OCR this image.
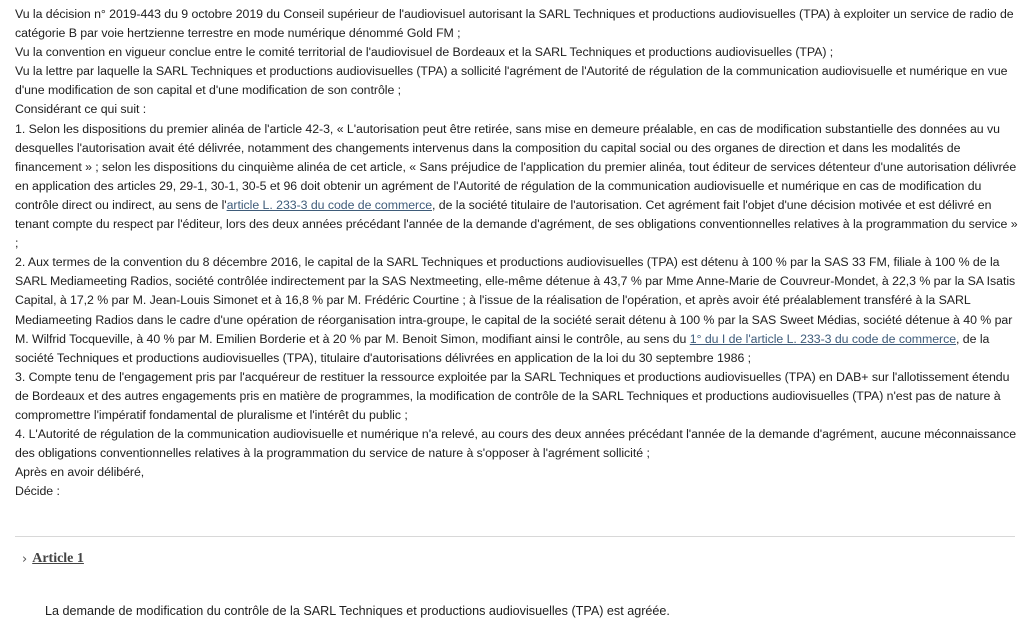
Vu la décision n° 2019-443 du 9 octobre 2019 du Conseil supérieur de l'audiovisuel autorisant la SARL Techniques et productions audiovisuelles (TPA) à exploiter un service de radio de catégorie B par voie hertzienne terrestre en mode numérique dénommé Gold FM ;

Vu la convention en vigueur conclue entre le comité territorial de l'audiovisuel de Bordeaux et la SARL Techniques et productions audiovisuelles (TPA) ;

Vu la lettre par laquelle la SARL Techniques et productions audiovisuelles (TPA) a sollicité l'agrément de l'Autorité de régulation de la communication audiovisuelle et numérique en vue d'une modification de son capital et d'une modification de son contrôle ;

Considérant ce qui suit :

1. Selon les dispositions du premier alinéa de l'article 42-3, « L'autorisation peut être retirée, sans mise en demeure préalable, en cas de modification substantielle des données au vu desquelles l'autorisation avait été délivrée, notamment des changements intervenus dans la composition du capital social ou des organes de direction et dans les modalités de financement » ; selon les dispositions du cinquième alinéa de cet article, « Sans préjudice de l'application du premier alinéa, tout éditeur de services détenteur d'une autorisation délivrée en application des articles 29, 29-1, 30-1, 30-5 et 96 doit obtenir un agrément de l'Autorité de régulation de la communication audiovisuelle et numérique en cas de modification du contrôle direct ou indirect, au sens de l'article L. 233-3 du code de commerce, de la société titulaire de l'autorisation. Cet agrément fait l'objet d'une décision motivée et est délivré en tenant compte du respect par l'éditeur, lors des deux années précédant l'année de la demande d'agrément, de ses obligations conventionnelles relatives à la programmation du service » ;

2. Aux termes de la convention du 8 décembre 2016, le capital de la SARL Techniques et productions audiovisuelles (TPA) est détenu à 100 % par la SAS 33 FM, filiale à 100 % de la SARL Mediameeting Radios, société contrôlée indirectement par la SAS Nextmeeting, elle-même détenue à 43,7 % par Mme Anne-Marie de Couvreur-Mondet, à 22,3 % par la SA Isatis Capital, à 17,2 % par M. Jean-Louis Simonet et à 16,8 % par M. Frédéric Courtine ; à l'issue de la réalisation de l'opération, et après avoir été préalablement transféré à la SARL Mediameeting Radios dans le cadre d'une opération de réorganisation intra-groupe, le capital de la société serait détenu à 100 % par la SAS Sweet Médias, société détenue à 40 % par M. Wilfrid Tocqueville, à 40 % par M. Emilien Borderie et à 20 % par M. Benoit Simon, modifiant ainsi le contrôle, au sens du 1° du I de l'article L. 233-3 du code de commerce, de la société Techniques et productions audiovisuelles (TPA), titulaire d'autorisations délivrées en application de la loi du 30 septembre 1986 ;

3. Compte tenu de l'engagement pris par l'acquéreur de restituer la ressource exploitée par la SARL Techniques et productions audiovisuelles (TPA) en DAB+ sur l'allotissement étendu de Bordeaux et des autres engagements pris en matière de programmes, la modification de contrôle de la SARL Techniques et productions audiovisuelles (TPA) n'est pas de nature à compromettre l'impératif fondamental de pluralisme et l'intérêt du public ;

4. L'Autorité de régulation de la communication audiovisuelle et numérique n'a relevé, au cours des deux années précédant l'année de la demande d'agrément, aucune méconnaissance des obligations conventionnelles relatives à la programmation du service de nature à s'opposer à l'agrément sollicité ;

Après en avoir délibéré,

Décide :

› Article 1
La demande de modification du contrôle de la SARL Techniques et productions audiovisuelles (TPA) est agréée.
